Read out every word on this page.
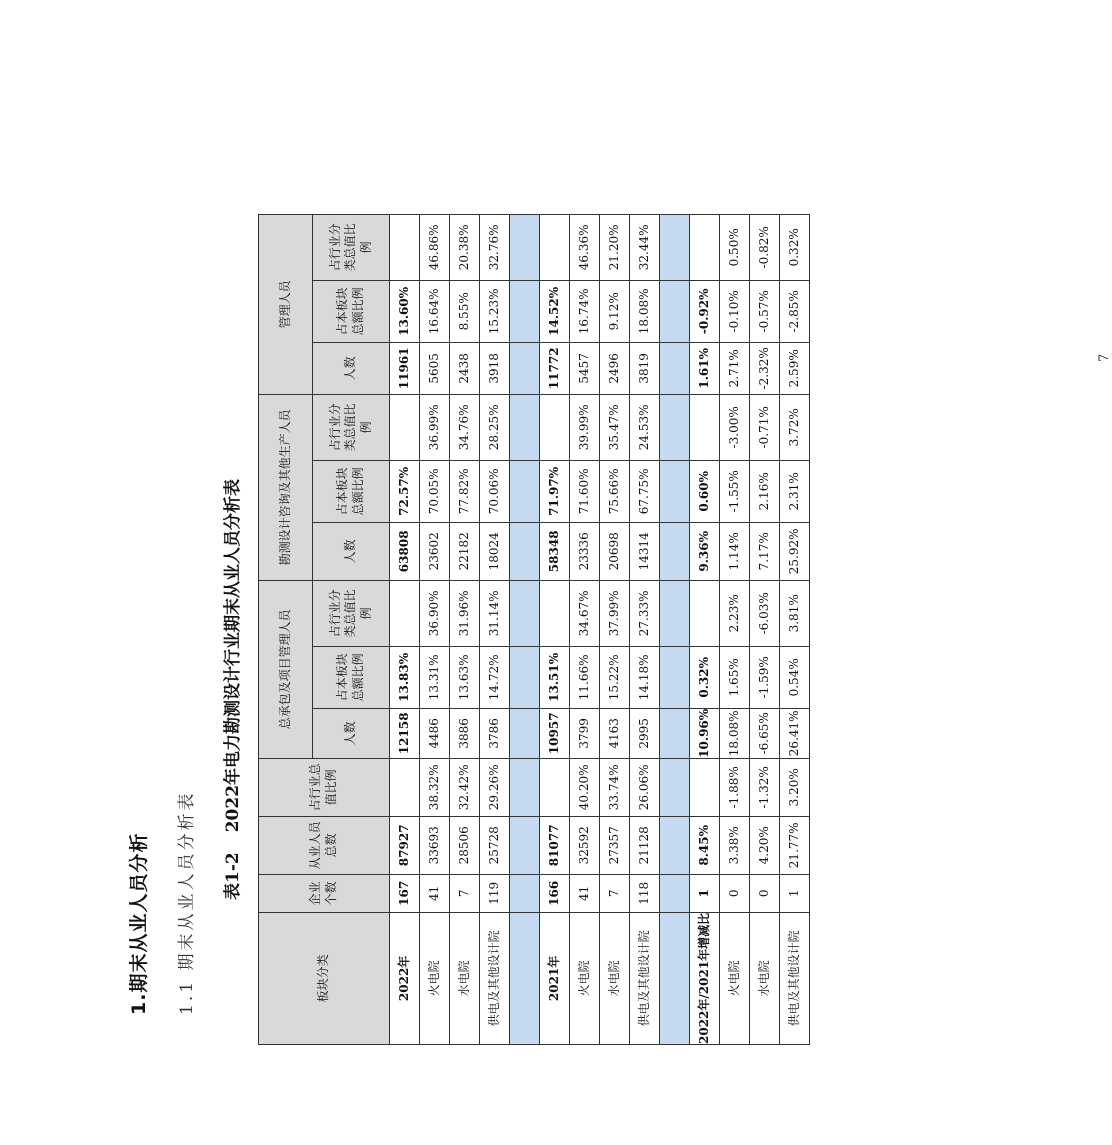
1.期末从业人员分析 1.1 期末从业人员分析表 表1-22022年电力勘测设计行业期末从业人员分析表
板块分类	企业个数	从业人员总数	占行业总值比例	总承包及项目管理人员			勘测设计咨询及其他生产人员			管理人员		
				人数	占本板块总额比例	占行业分类总值比例	人数	占本板块总额比例	占行业分类总值比例	人数	占本板块总额比例	占行业分类总值比例
2022年	167	87927		12158	13.83%		63808	72.57%		11961	13.60%	
火电院	41	33693	38.32%	4486	13.31%	36.90%	23602	70.05%	36.99%	5605	16.64%	46.86%
水电院	7	28506	32.42%	3886	13.63%	31.96%	22182	77.82%	34.76%	2438	8.55%	20.38%
供电及其他设计院	119	25728	29.26%	3786	14.72%	31.14%	18024	70.06%	28.25%	3918	15.23%	32.76%

2021年	166	81077		10957	13.51%		58348	71.97%		11772	14.52%	
火电院	41	32592	40.20%	3799	11.66%	34.67%	23336	71.60%	39.99%	5457	16.74%	46.36%
水电院	7	27357	33.74%	4163	15.22%	37.99%	20698	75.66%	35.47%	2496	9.12%	21.20%
供电及其他设计院	118	21128	26.06%	2995	14.18%	27.33%	14314	67.75%	24.53%	3819	18.08%	32.44%

2022年/2021年增减比	1	8.45%		10.96%	0.32%		9.36%	0.60%		1.61%	-0.92%	
火电院	0	3.38%	-1.88%	18.08%	1.65%	2.23%	1.14%	-1.55%	-3.00%	2.71%	-0.10%	0.50%
水电院	0	4.20%	-1.32%	-6.65%	-1.59%	-6.03%	7.17%	2.16%	-0.71%	-2.32%	-0.57%	-0.82%
供电及其他设计院	1	21.77%	3.20%	26.41%	0.54%	3.81%	25.92%	2.31%	3.72%	2.59%	-2.85%	0.32%
7
